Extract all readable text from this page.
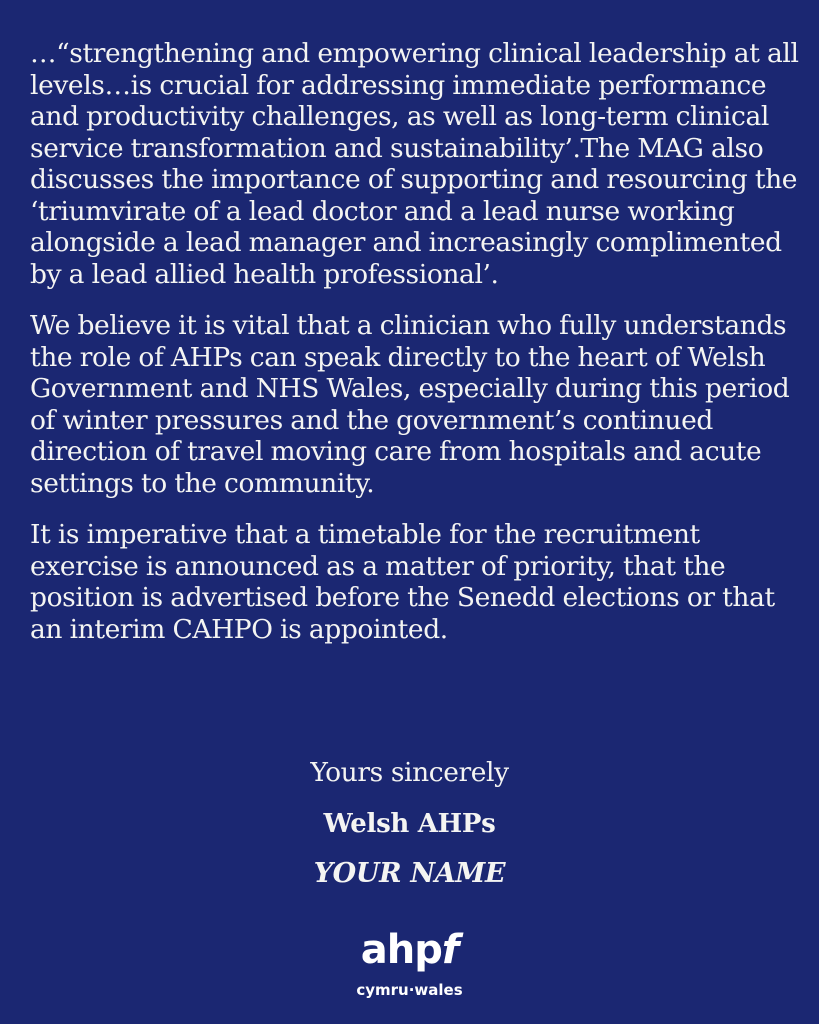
…“strengthening and empowering clinical leadership at all levels…is crucial for addressing immediate performance and productivity challenges, as well as long-term clinical service transformation and sustainability’.The MAG also discusses the importance of supporting and resourcing the ‘triumvirate of a lead doctor and a lead nurse working alongside a lead manager and increasingly complimented by a lead allied health professional’.

We believe it is vital that a clinician who fully understands the role of AHPs can speak directly to the heart of Welsh Government and NHS Wales, especially during this period of winter pressures and the government’s continued direction of travel moving care from hospitals and acute settings to the community.

It is imperative that a timetable for the recruitment exercise is announced as a matter of priority, that the position is advertised before the Senedd elections or that an interim CAHPO is appointed.

Yours sincerely
Welsh AHPs
YOUR NAME
ahpf
cymru·wales
